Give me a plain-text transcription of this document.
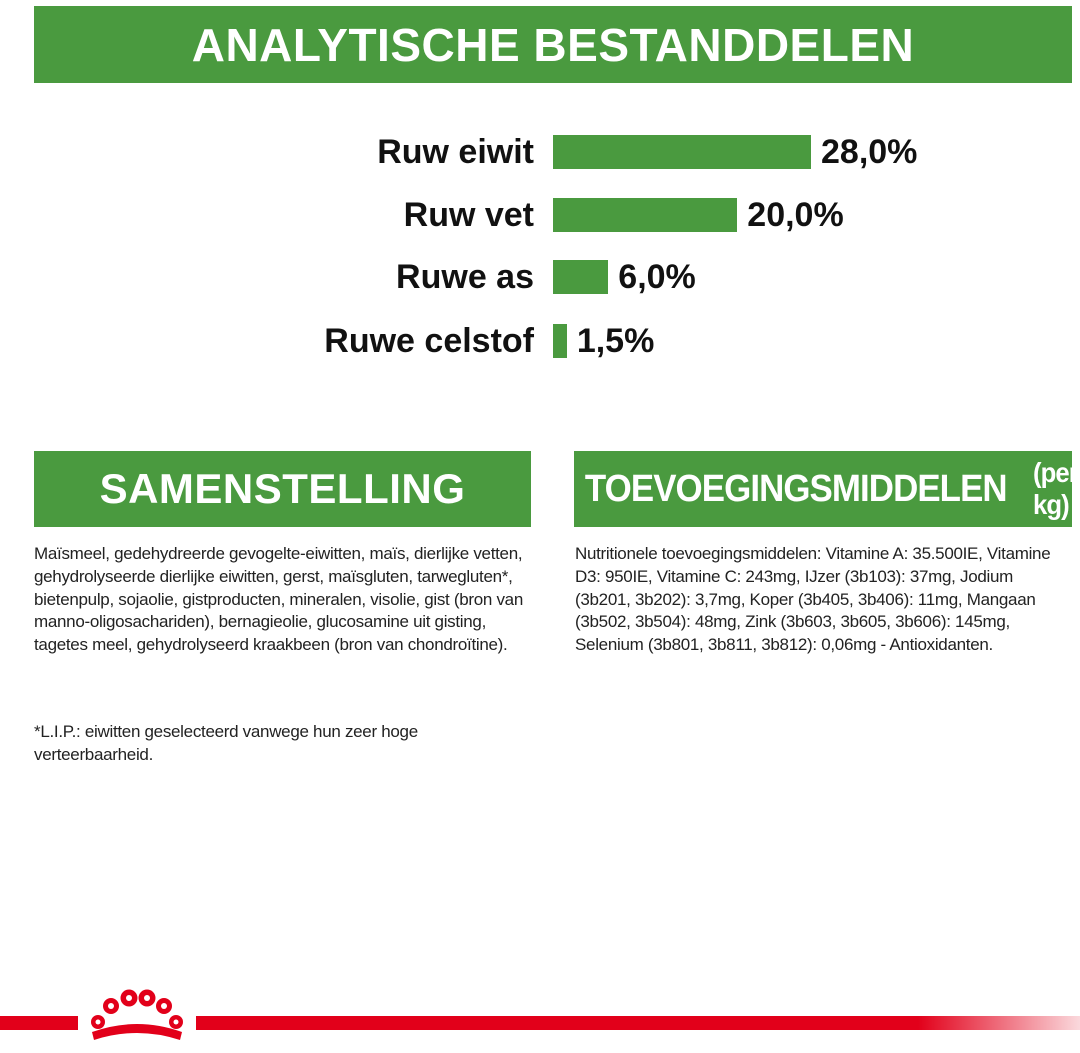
ANALYTISCHE BESTANDDELEN
Ruw eiwit	28,0%
Ruw vet	20,0%
Ruwe as 6,0%
Ruwe celstof 1,5%
SAMENSTELLING	TOEVOEGINGSMIDDELEN (per kg)
Maïsmeel, gedehydreerde gevogelte-eiwitten, maïs, dierlijke vetten, gehydrolyseerde dierlijke eiwitten, gerst, maïsgluten, tarwegluten*, bietenpulp, sojaolie, gistproducten, mineralen, visolie, gist (bron van manno-oligosachariden), bernagieolie, glucosamine uit gisting, tagetes meel, gehydrolyseerd kraakbeen (bron van chondroïtine).
*L.I.P.: eiwitten geselecteerd vanwege hun zeer hoge verteerbaarheid.
Nutritionele toevoegingsmiddelen: Vitamine A: 35.500IE, Vitamine D3: 950IE, Vitamine C: 243mg, IJzer (3b103): 37mg, Jodium (3b201, 3b202): 3,7mg, Koper (3b405, 3b406): 11mg, Mangaan (3b502, 3b504): 48mg, Zink (3b603, 3b605, 3b606): 145mg, Selenium (3b801, 3b811, 3b812): 0,06mg - Antioxidanten.
